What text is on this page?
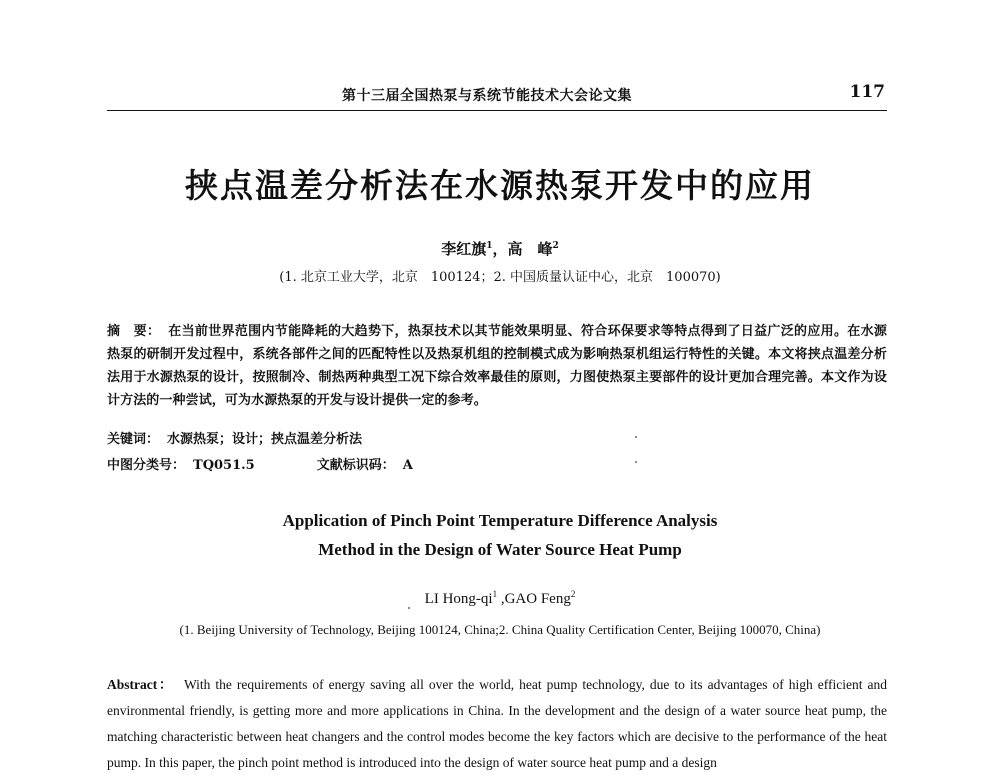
第十三届全国热泵与系统节能技术大会论文集	117
挟点温差分析法在水源热泵开发中的应用
李红旗$^1$，高　峰$^2$
(1. 北京工业大学，北京　100124；2. 中国质量认证中心，北京　100070)
摘　要： 在当前世界范围内节能降耗的大趋势下，热泵技术以其节能效果明显、符合环保要求等特点得到了日益广泛的应用。在水源热泵的研制开发过程中，系统各部件之间的匹配特性以及热泵机组的控制模式成为影响热泵机组运行特性的关键。本文将挟点温差分析法用于水源热泵的设计，按照制冷、制热两种典型工况下综合效率最佳的原则，力图使热泵主要部件的设计更加合理完善。本文作为设计方法的一种尝试，可为水源热泵的开发与设计提供一定的参考。
关键词： 水源热泵；设计；挟点温差分析法
中图分类号： TQ051.5	文献标识码： A
Application of Pinch Point Temperature Difference Analysis
Method in the Design of Water Source Heat Pump
LI Hong-$qi^1$ ,GAO Feng$^2$
(1. Beijing University of Technology, Beijing 100124, China;2. China Quality Certification Center, Beijing 100070, China)
Abstract： With the requirements of energy saving all over the world, heat pump technology, due to its advantages of high efficient and environmental friendly, is getting more and more applications in China. In the development and the design of a water source heat pump, the matching characteristic between heat changers and the control modes become the key factors which are decisive to the performance of the heat pump. In this paper, the pinch point method is introduced into the design of water source heat pump and a design
